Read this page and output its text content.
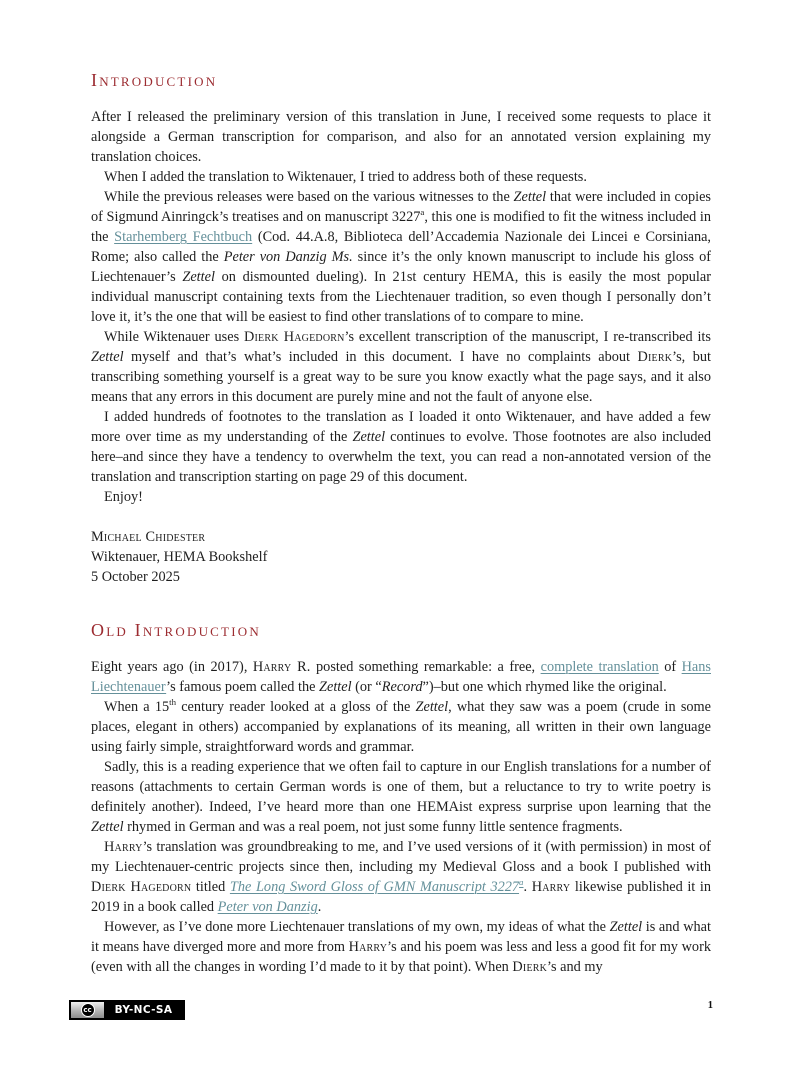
Introduction

After I released the preliminary version of this translation in June, I received some requests to place it alongside a German transcription for comparison, and also for an annotated version explaining my translation choices.

When I added the translation to Wiktenauer, I tried to address both of these requests.

While the previous releases were based on the various witnesses to the Zettel that were included in copies of Sigmund Ainringck’s treatises and on manuscript 3227$^a$, this one is modified to fit the witness included in the Starhemberg Fechtbuch (Cod. 44.A.8, Biblioteca dell’Accademia Nazionale dei Lincei e Corsiniana, Rome; also called the Peter von Danzig Ms. since it’s the only known manuscript to include his gloss of Liechtenauer’s Zettel on dismounted dueling). In 21st century HEMA, this is easily the most popular individual manuscript containing texts from the Liechtenauer tradition, so even though I personally don’t love it, it’s the one that will be easiest to find other translations of to compare to mine.

While Wiktenauer uses Dierk Hagedorn’s excellent transcription of the manuscript, I re-transcribed its Zettel myself and that’s what’s included in this document. I have no complaints about Dierk’s, but transcribing something yourself is a great way to be sure you know exactly what the page says, and it also means that any errors in this document are purely mine and not the fault of anyone else.

I added hundreds of footnotes to the translation as I loaded it onto Wiktenauer, and have added a few more over time as my understanding of the Zettel continues to evolve. Those footnotes are also included here–and since they have a tendency to overwhelm the text, you can read a non-annotated version of the translation and transcription starting on page 29 of this document.

Enjoy!

Michael Chidester
Wiktenauer, HEMA Bookshelf
5 October 2025
Old Introduction

Eight years ago (in 2017), Harry R. posted something remarkable: a free, complete translation of Hans Liechtenauer’s famous poem called the Zettel (or “Record”)–but one which rhymed like the original.

When a 15th century reader looked at a gloss of the Zettel, what they saw was a poem (crude in some places, elegant in others) accompanied by explanations of its meaning, all written in their own language using fairly simple, straightforward words and grammar.

Sadly, this is a reading experience that we often fail to capture in our English translations for a number of reasons (attachments to certain German words is one of them, but a reluctance to try to write poetry is definitely another). Indeed, I’ve heard more than one HEMAist express surprise upon learning that the Zettel rhymed in German and was a real poem, not just some funny little sentence fragments.

Harry’s translation was groundbreaking to me, and I’ve used versions of it (with permission) in most of my Liechtenauer-centric projects since then, including my Medieval Gloss and a book I published with Dierk Hagedorn titled The Long Sword Gloss of GMN Manuscript 3227$^a$. Harry likewise published it in 2019 in a book called Peter von Danzig.

However, as I’ve done more Liechtenauer translations of my own, my ideas of what the Zettel is and what it means have diverged more and more from Harry’s and his poem was less and less a good fit for my work (even with all the changes in wording I’d made to it by that point). When Dierk’s and my

cc	BY-NC-SA	1
